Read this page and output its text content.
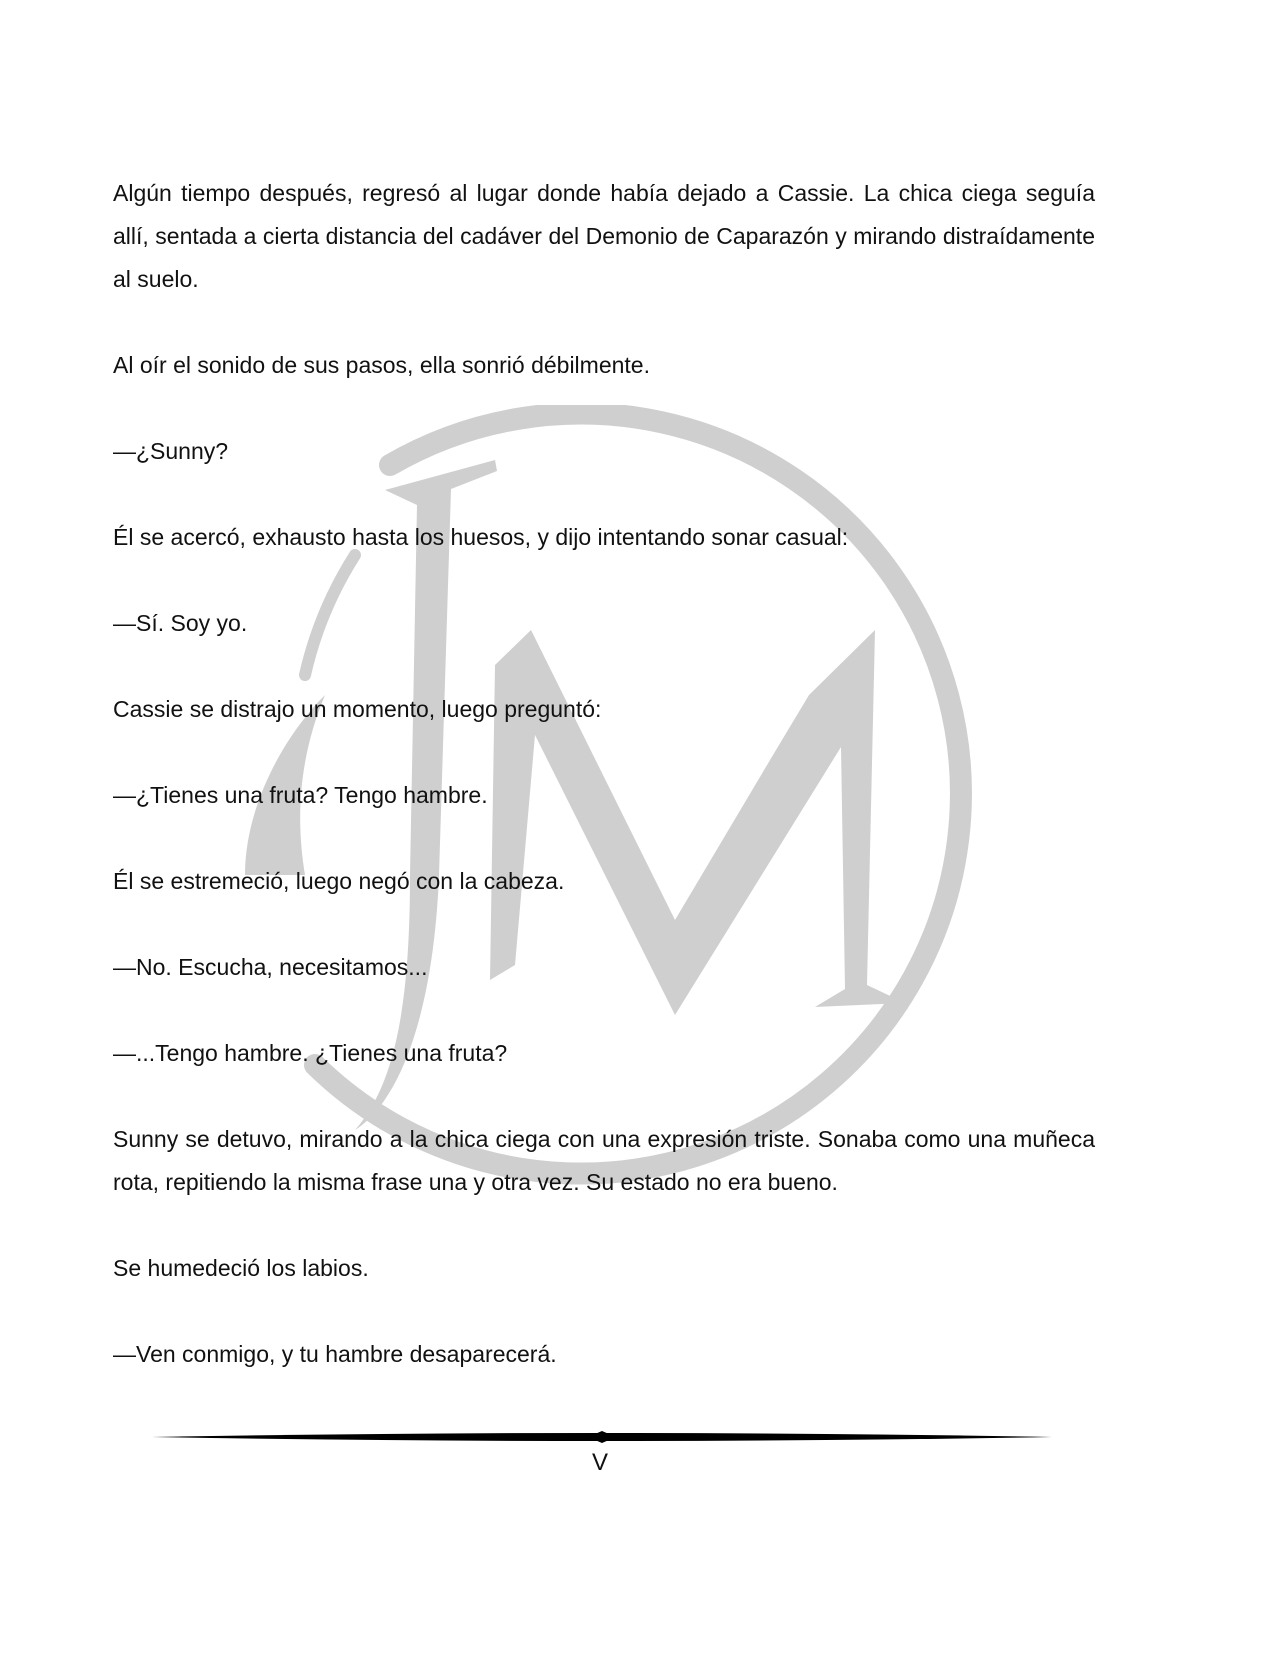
Algún tiempo después, regresó al lugar donde había dejado a Cassie. La chica ciega seguía allí, sentada a cierta distancia del cadáver del Demonio de Caparazón y mirando distraídamente al suelo.

Al oír el sonido de sus pasos, ella sonrió débilmente.

—¿Sunny?

Él se acercó, exhausto hasta los huesos, y dijo intentando sonar casual:

—Sí. Soy yo.

Cassie se distrajo un momento, luego preguntó:

—¿Tienes una fruta? Tengo hambre.

Él se estremeció, luego negó con la cabeza.

—No. Escucha, necesitamos...

—...Tengo hambre. ¿Tienes una fruta?

Sunny se detuvo, mirando a la chica ciega con una expresión triste. Sonaba como una muñeca rota, repitiendo la misma frase una y otra vez. Su estado no era bueno.

Se humedeció los labios.

—Ven conmigo, y tu hambre desaparecerá.

V
